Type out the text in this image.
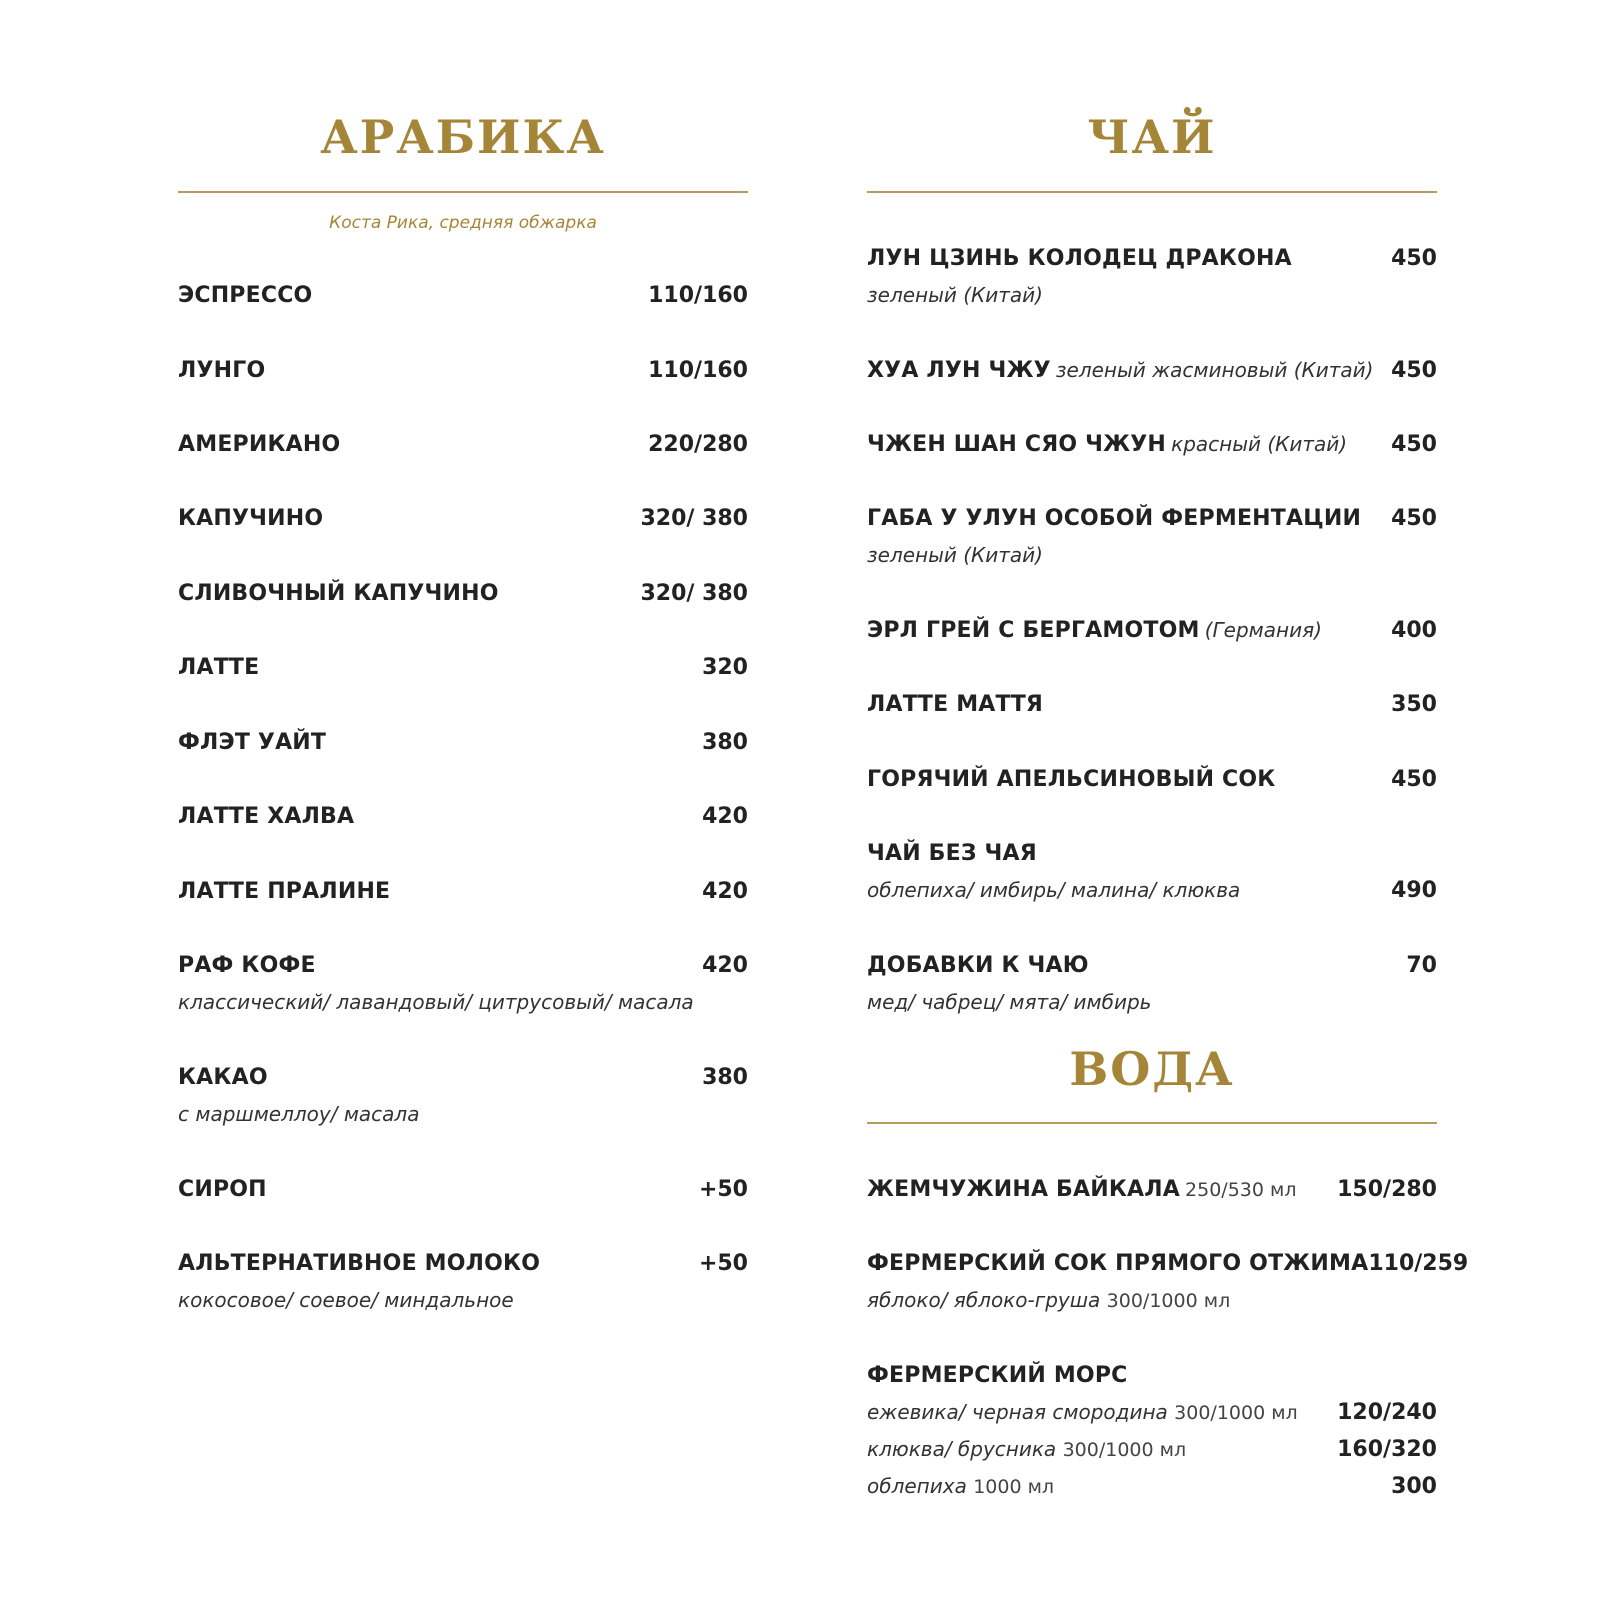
АРАБИКА
Коста Рика, средняя обжарка
ЭСПРЕССО	110/160
ЛУНГО	110/160
АМЕРИКАНО	220/280
КАПУЧИНО	320/ 380
СЛИВОЧНЫЙ КАПУЧИНО	320/ 380
ЛАТТЕ	320
ФЛЭТ УАЙТ	380
ЛАТТЕ ХАЛВА	420
ЛАТТЕ ПРАЛИНЕ	420
РАФ КОФЕ	420
классический/ лавандовый/ цитрусовый/ масала
КАКАО	380
с маршмеллоу/ масала
СИРОП	+50
АЛЬТЕРНАТИВНОЕ МОЛОКО	+50
кокосовое/ соевое/ миндальное
ЧАЙ
ЛУН ЦЗИНЬ КОЛОДЕЦ ДРАКОНА	450
зеленый (Китай)
ХУА ЛУН ЧЖУ зеленый жасминовый (Китай) 450
ЧЖЕН ШАН СЯО ЧЖУН красный (Китай) 450
ГАБА У УЛУН ОСОБОЙ ФЕРМЕНТАЦИИ 450
зеленый (Китай)
ЭРЛ ГРЕЙ С БЕРГАМОТОМ (Германия)	400
ЛАТТЕ МАТТЯ	350
ГОРЯЧИЙ АПЕЛЬСИНОВЫЙ СОК	450
ЧАЙ БЕЗ ЧАЯ
облепиха/ имбирь/ малина/ клюква	490
ДОБАВКИ К ЧАЮ	70
мед/ чабрец/ мята/ имбирь
ВОДА
ЖЕМЧУЖИНА БАЙКАЛА 250/530 мл 150/280
ФЕРМЕРСКИЙ СОК ПРЯМОГО ОТЖИМА 110/259
яблоко/ яблоко-груша 300/1000 мл
ФЕРМЕРСКИЙ МОРС
ежевика/ черная смородина 300/1000 мл 120/240
клюква/ брусника 300/1000 мл	160/320
облепиха 1000 мл	300
